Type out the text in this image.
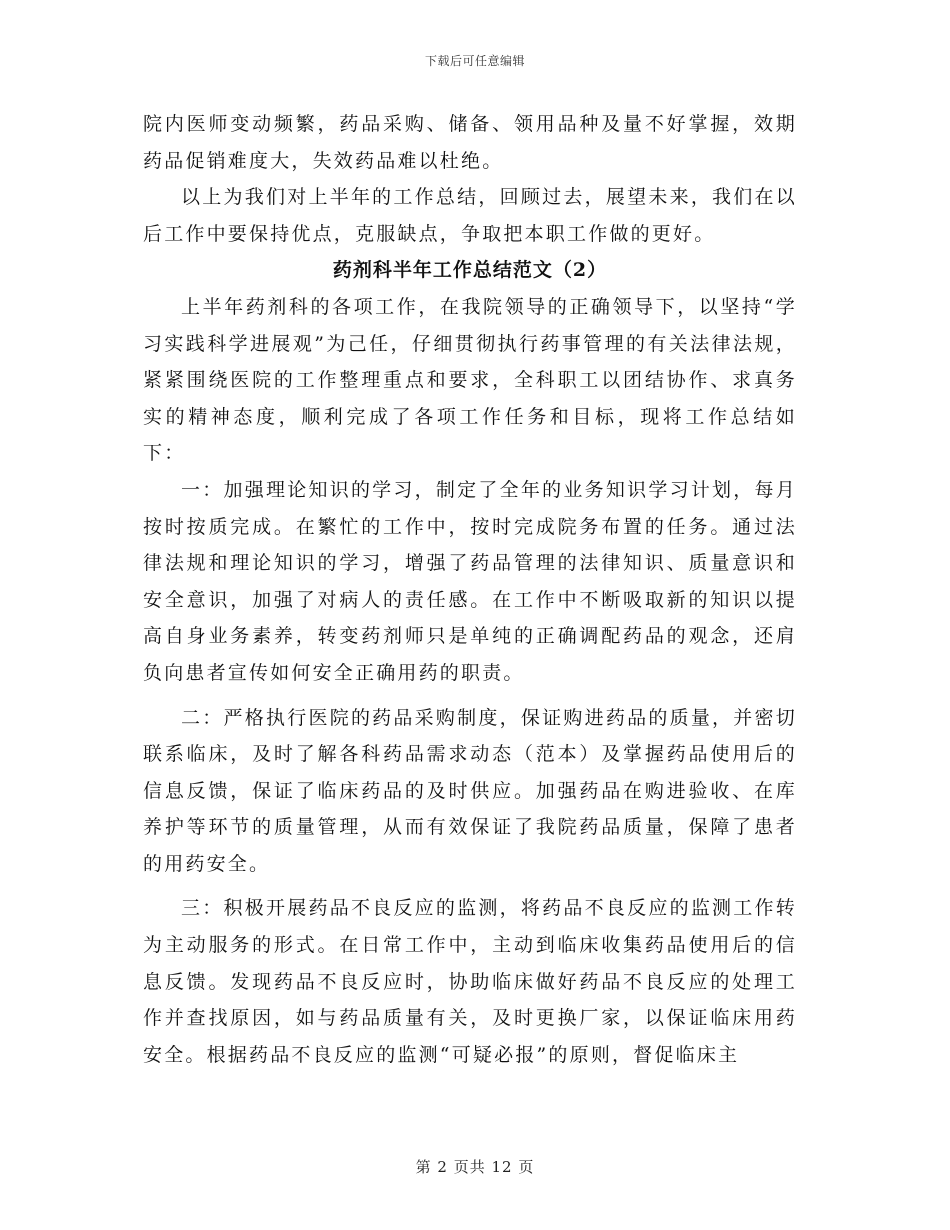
下载后可任意编辑

院内医师变动频繁，药品采购、储备、领用品种及量不好掌握，效期药品促销难度大，失效药品难以杜绝。

以上为我们对上半年的工作总结，回顾过去，展望未来，我们在以后工作中要保持优点，克服缺点，争取把本职工作做的更好。

药剂科半年工作总结范文（2）

上半年药剂科的各项工作，在我院领导的正确领导下，以坚持“学习实践科学进展观”为己任，仔细贯彻执行药事管理的有关法律法规，紧紧围绕医院的工作整理重点和要求，全科职工以团结协作、求真务实的精神态度，顺利完成了各项工作任务和目标，现将工作总结如下：

一：加强理论知识的学习，制定了全年的业务知识学习计划，每月按时按质完成。在繁忙的工作中，按时完成院务布置的任务。通过法律法规和理论知识的学习，增强了药品管理的法律知识、质量意识和安全意识，加强了对病人的责任感。在工作中不断吸取新的知识以提高自身业务素养，转变药剂师只是单纯的正确调配药品的观念，还肩负向患者宣传如何安全正确用药的职责。

二：严格执行医院的药品采购制度，保证购进药品的质量，并密切联系临床，及时了解各科药品需求动态（范本）及掌握药品使用后的信息反馈，保证了临床药品的及时供应。加强药品在购进验收、在库养护等环节的质量管理，从而有效保证了我院药品质量，保障了患者的用药安全。

三：积极开展药品不良反应的监测，将药品不良反应的监测工作转为主动服务的形式。在日常工作中，主动到临床收集药品使用后的信息反馈。发现药品不良反应时，协助临床做好药品不良反应的处理工作并查找原因，如与药品质量有关，及时更换厂家，以保证临床用药安全。根据药品不良反应的监测“可疑必报”的原则，督促临床主

第 2 页共 12 页
